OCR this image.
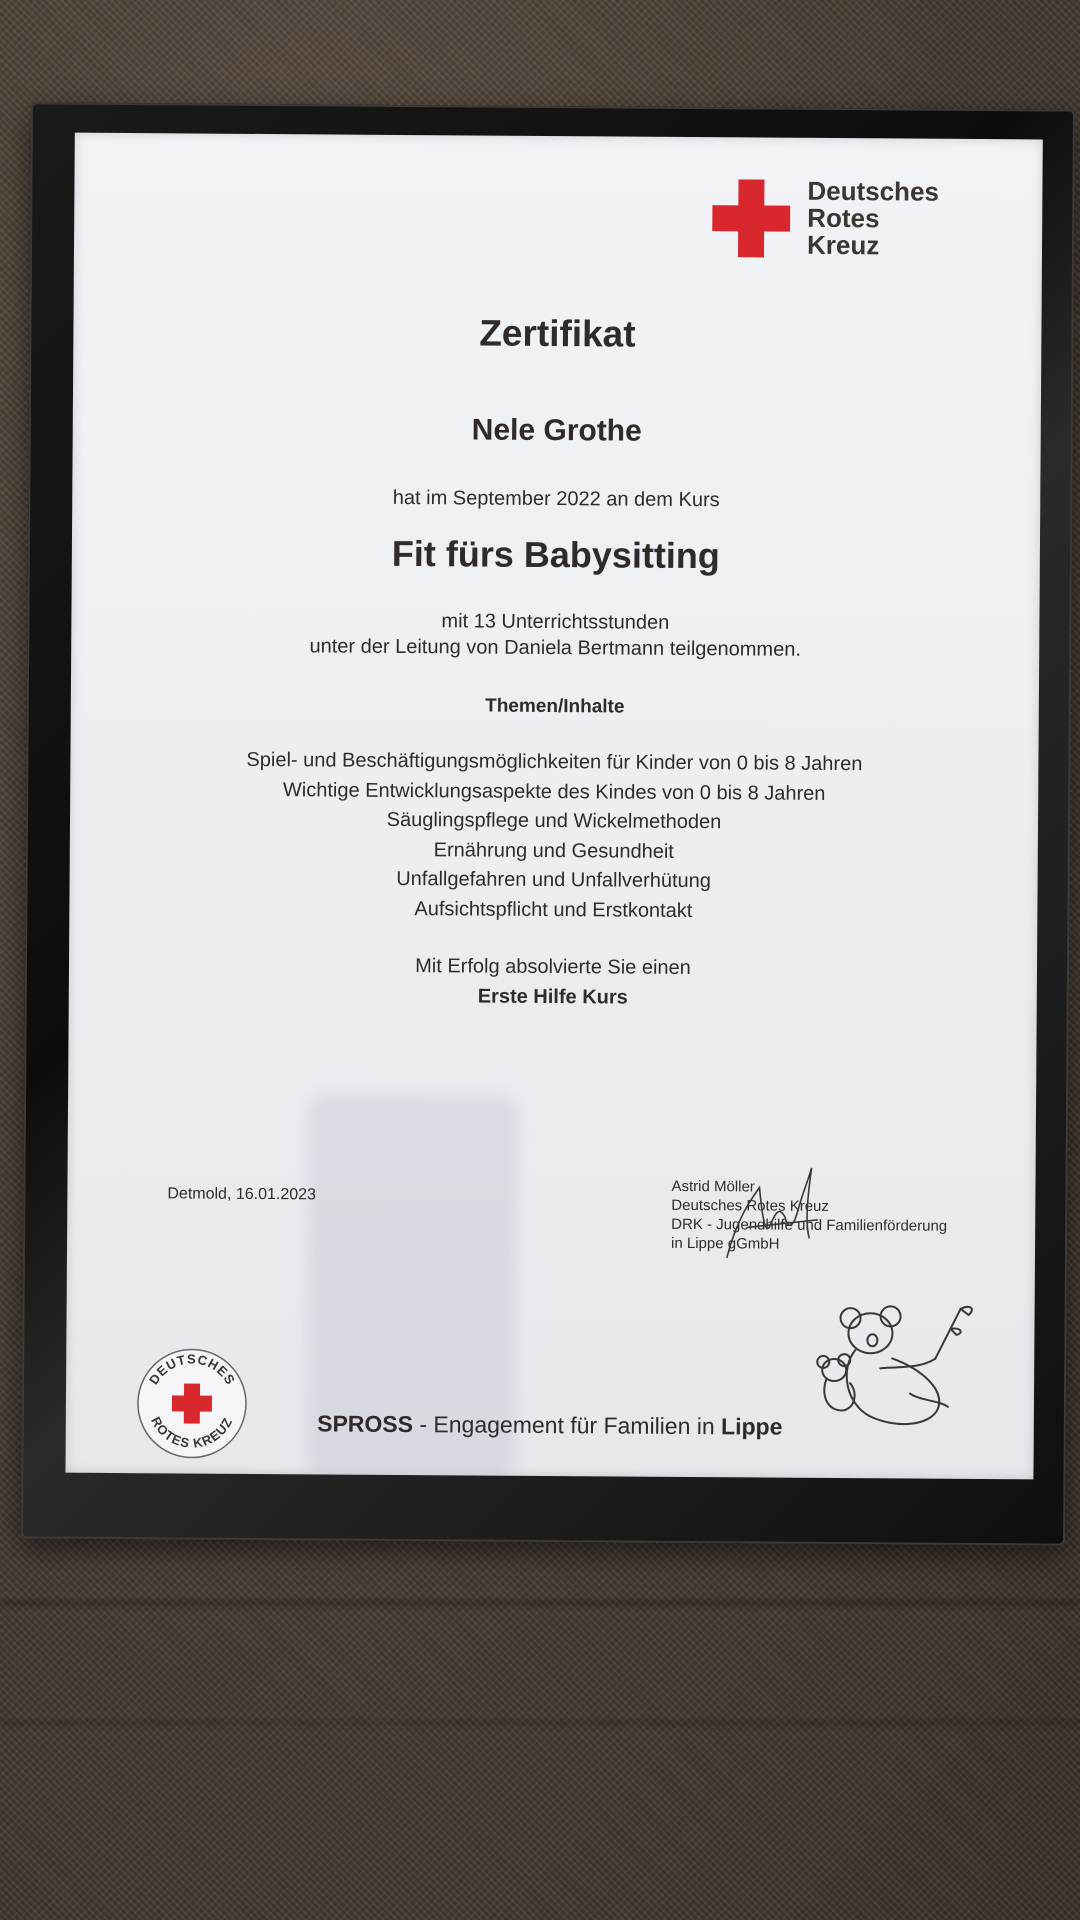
Deutsches
Rotes
Kreuz
Zertifikat
Nele Grothe
hat im September 2022 an dem Kurs
Fit fürs Babysitting
mit 13 Unterrichtsstunden
unter der Leitung von Daniela Bertmann teilgenommen.
Themen/Inhalte
Spiel- und Beschäftigungsmöglichkeiten für Kinder von 0 bis 8 Jahren
Wichtige Entwicklungsaspekte des Kindes von 0 bis 8 Jahren
Säuglingspflege und Wickelmethoden
Ernährung und Gesundheit
Unfallgefahren und Unfallverhütung
Aufsichtspflicht und Erstkontakt
Mit Erfolg absolvierte Sie einen
Erste Hilfe Kurs
Detmold, 16.01.2023	Astrid Möller
Deutsches Rotes Kreuz
DRK - Jugendhilfe und Familienförderung
in Lippe gGmbH
DEUTSCHES
ROTES KREUZ	SPROSS - Engagement für Familien in Lippe
